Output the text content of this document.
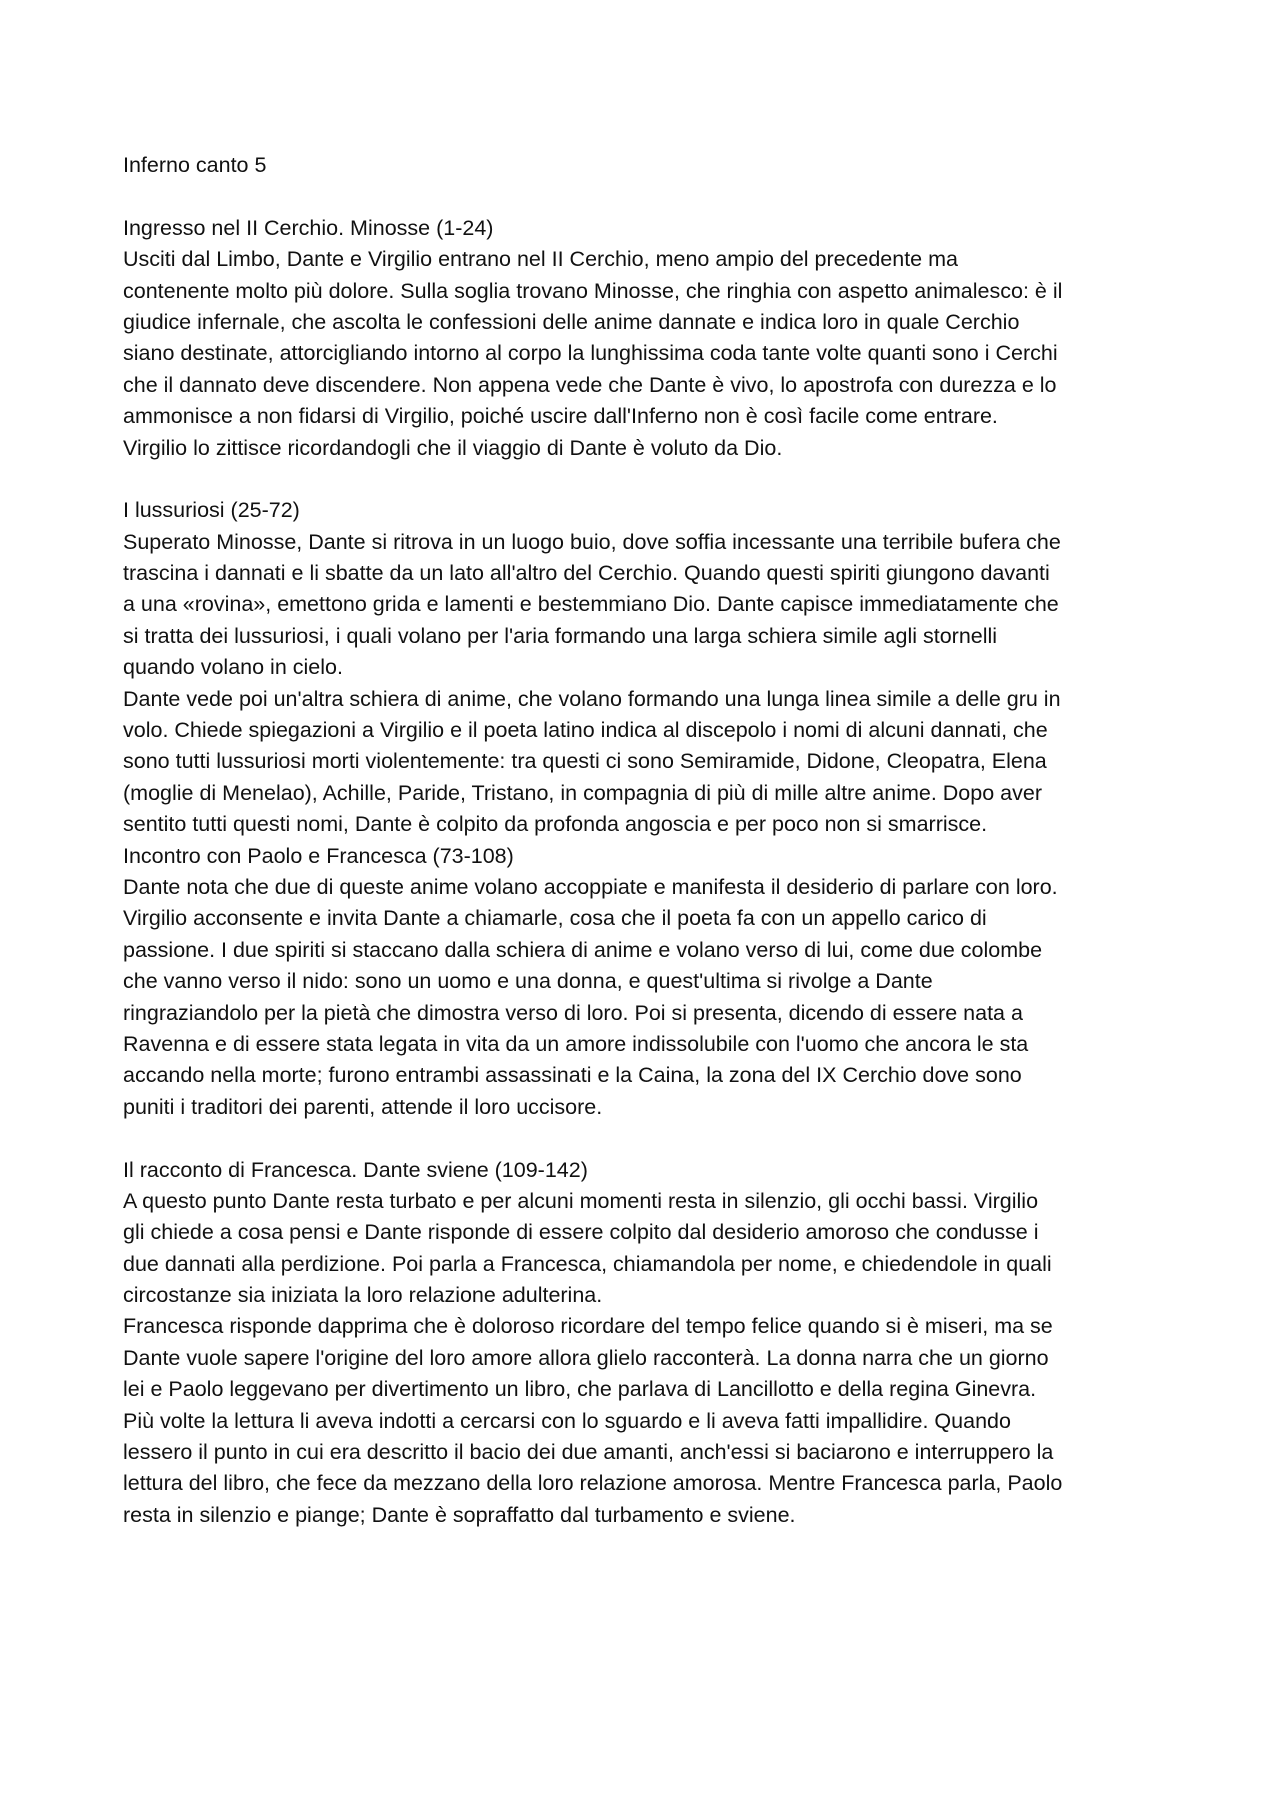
Inferno canto 5
Ingresso nel II Cerchio. Minosse (1-24)
Usciti dal Limbo, Dante e Virgilio entrano nel II Cerchio, meno ampio del precedente ma
contenente molto più dolore. Sulla soglia trovano Minosse, che ringhia con aspetto animalesco: è il
giudice infernale, che ascolta le confessioni delle anime dannate e indica loro in quale Cerchio
siano destinate, attorcigliando intorno al corpo la lunghissima coda tante volte quanti sono i Cerchi
che il dannato deve discendere. Non appena vede che Dante è vivo, lo apostrofa con durezza e lo
ammonisce a non fidarsi di Virgilio, poiché uscire dall'Inferno non è così facile come entrare.
Virgilio lo zittisce ricordandogli che il viaggio di Dante è voluto da Dio.
I lussuriosi (25-72)
Superato Minosse, Dante si ritrova in un luogo buio, dove soffia incessante una terribile bufera che
trascina i dannati e li sbatte da un lato all'altro del Cerchio. Quando questi spiriti giungono davanti
a una «rovina», emettono grida e lamenti e bestemmiano Dio. Dante capisce immediatamente che
si tratta dei lussuriosi, i quali volano per l'aria formando una larga schiera simile agli stornelli
quando volano in cielo.
Dante vede poi un'altra schiera di anime, che volano formando una lunga linea simile a delle gru in
volo. Chiede spiegazioni a Virgilio e il poeta latino indica al discepolo i nomi di alcuni dannati, che
sono tutti lussuriosi morti violentemente: tra questi ci sono Semiramide, Didone, Cleopatra, Elena
(moglie di Menelao), Achille, Paride, Tristano, in compagnia di più di mille altre anime. Dopo aver
sentito tutti questi nomi, Dante è colpito da profonda angoscia e per poco non si smarrisce.
Incontro con Paolo e Francesca (73-108)
Dante nota che due di queste anime volano accoppiate e manifesta il desiderio di parlare con loro.
Virgilio acconsente e invita Dante a chiamarle, cosa che il poeta fa con un appello carico di
passione. I due spiriti si staccano dalla schiera di anime e volano verso di lui, come due colombe
che vanno verso il nido: sono un uomo e una donna, e quest'ultima si rivolge a Dante
ringraziandolo per la pietà che dimostra verso di loro. Poi si presenta, dicendo di essere nata a
Ravenna e di essere stata legata in vita da un amore indissolubile con l'uomo che ancora le sta
accando nella morte; furono entrambi assassinati e la Caina, la zona del IX Cerchio dove sono
puniti i traditori dei parenti, attende il loro uccisore.
Il racconto di Francesca. Dante sviene (109-142)
A questo punto Dante resta turbato e per alcuni momenti resta in silenzio, gli occhi bassi. Virgilio
gli chiede a cosa pensi e Dante risponde di essere colpito dal desiderio amoroso che condusse i
due dannati alla perdizione. Poi parla a Francesca, chiamandola per nome, e chiedendole in quali
circostanze sia iniziata la loro relazione adulterina.
Francesca risponde dapprima che è doloroso ricordare del tempo felice quando si è miseri, ma se
Dante vuole sapere l'origine del loro amore allora glielo racconterà. La donna narra che un giorno
lei e Paolo leggevano per divertimento un libro, che parlava di Lancillotto e della regina Ginevra.
Più volte la lettura li aveva indotti a cercarsi con lo sguardo e li aveva fatti impallidire. Quando
lessero il punto in cui era descritto il bacio dei due amanti, anch'essi si baciarono e interruppero la
lettura del libro, che fece da mezzano della loro relazione amorosa. Mentre Francesca parla, Paolo
resta in silenzio e piange; Dante è sopraffatto dal turbamento e sviene.
